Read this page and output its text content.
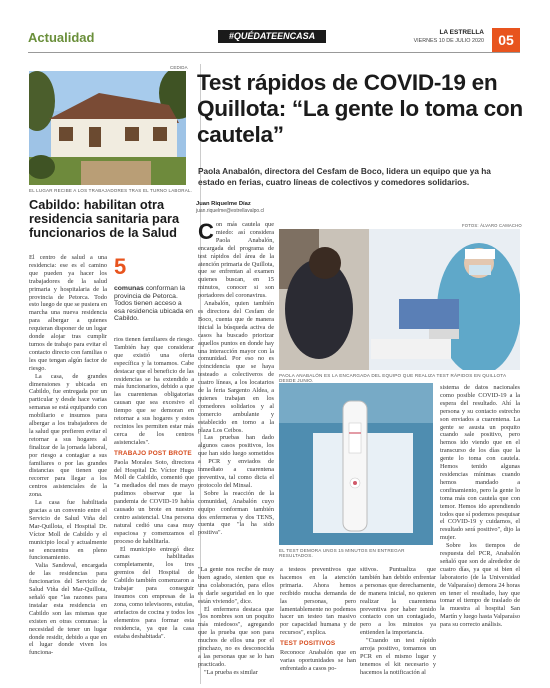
Actualidad	#QUÉDATEENCASA	LA ESTRELLA
VIERNES 10 DE JULIO 2020	05
CEDIDA
EL LUGAR RECIBE A LOS TRABAJADORES TRAS EL TURNO LABORAL.
Cabildo: habilitan otra residencia sanitaria para funcionarios de la Salud

El centro de salud a una residencia: ese es el camino que pueden ya hacer los trabajadores de la salud primaria y hospitalaria de la provincia de Petorca. Todo esto luego de que se pusiera en marcha una nueva residencia para albergar a quienes requieran disponer de un lugar donde alojar tras cumplir turnos de trabajo para evitar el contacto directo con familias o les que tengan algún factor de riesgo.

La casa, de grandes dimensiones y ubicada en Cabildo, fue entregada por un particular y desde hace varias semanas se está equipando con mobiliario e insumos para albergar a los trabajadores de la salud que prefieren evitar el retornar a sus hogares al finalizar de la jornada laboral, por riesgo a contagiar a sus familiares o por las grandes distancias que tienen que recorrer para llegar a los centros asistenciales de la zona.

La casa fue habilitada gracias a un convenio entre el Servicio de Salud Viña del Mar-Quillota, el Hospital Dr. Víctor Moll de Cabildo y el municipio local y actualmente se encuentra en pleno funcionamiento.

Valia Sandoval, encargada de las residencias para funcionarios del Servicio de Salud Viña del Mar-Quillota, señaló que "las razones para instalar esta residencia en Cabildo son las mismas que existen en otras comunas: la necesidad de tener un lugar donde residir, debido a que en el lugar donde viven los funciona-

5
comunas conforman la provincia de Petorca. Todos tienen acceso a esa residencia ubicada en Cabildo.

rios tienen familiares de riesgo. También hay que considerar que existió una oferta específica y la tomamos. Cabe destacar que el beneficio de las residencias se ha extendido a más funcionarios, debido a que las cuarentenas obligatorias causan que sea excesivo el tiempo que se demoran en retornar a sus hogares y estos recintos les permiten estar más cerca de los centros asistenciales".

TRABAJO POST BROTE

Paola Morales Soto, directora del Hospital Dr. Víctor Hugo Moll de Cabildo, comentó que "a mediados del mes de mayo pudimos observar que la pandemia de COVID-19 había causado un brote en nuestro centro asistencial. Una persona natural cedió una casa muy espaciosa y comenzamos el proceso de habilitarla.

El municipio entregó diez camas habilitadas completamente, los tres gremios del Hospital de Cabildo también comenzaron a trabajar para conseguir insumos con empresas de la zona, como televisores, estufas, artefactos de cocina y todos los elementos para formar esta residencia, ya que la casa estaba deshabitada".

Test rápidos de COVID-19 en Quillota: “La gente lo toma con cautela”
Paola Anabalón, directora del Cesfam de Boco, lidera un equipo que ya ha estado en ferias, cuatro líneas de colectivos y comedores solidarios.
Juan Riquelme Díaz
juan.riquelme@estrellavalpo.cl

Con más cautela que miedo: así considera Paola Anabalón, encargada del programa de test rápidos del área de la atención primaria de Quillota, que se enfrentan al examen quienes buscan, en 15 minutos, conocer si son portadores del coronavirus.

Anabalón, quien también es directora del Cesfam de Boco, cuenta que de manera inicial la búsqueda activa de casos ha buscado priorizar aquellos puntos en donde hay una interacción mayor con la comunidad. Por eso no es coincidencia que se haya testeado a colectiveros de cuatro líneas, a los locatarios de la feria Sargento Aldea, a quienes trabajan en los comedores solidarios y al comercio ambulante y establecido en torno a la plaza Los Ceibos.

Las pruebas han dado algunos casos positivos, los que han sido luego sometidos a PCR y enviados de inmediato a cuarentena preventiva, tal como dicta el protocolo del Minsal.

Sobre la reacción de la comunidad, Anabalón cuyo equipo conforman también dos enfermeras y dos TENS, cuenta que "la ha sido positiva".

FOTOS: ÁLVARO CAMACHO
PAOLA ANABALÓN ES LA ENCARGADA DEL EQUIPO QUE REALIZA TEST RÁPIDOS EN QUILLOTA DESDE JUNIO.
EL TEST DEMORA UNOS 15 MINUTOS EN ENTREGAR RESULTADOS.

"La gente nos recibe de muy buen agrado, sienten que es una colaboración, para ellos es darle seguridad en lo que están viviendo", dice.

El enfermera destaca que "los nombres son un poquito más miedosos", agregando que la prueba que son para muchos de ellos una por el pinchazo, no es desconocida a las personas que se lo han practicado.

"La prueba es similar

a testeos preventivos que hacemos en la atención primaria. Ahora hemos recibido mucha demanda de las personas, pero lamentablemente no podemos hacer un testeo tan masivo por capacidad humana y de recursos", explica.

TEST POSITIVOS

Reconoce Anabalón que en varias oportunidades se han enfrentado a casos po-

sitivos. Puntualiza que también han debido enfrentar a personas que derechamente, de manera inicial, no quieren realizar la cuarentena preventiva por haber tenido contacto con un contagiado, pero a los minutos ya entienden la importancia.

"Cuando un test rápido arroja positivo, tomamos un PCR en el mismo lugar y tenemos el kit necesario y hacemos la notificación al

sistema de datos nacionales como posible COVID-19 a la espera del resultado. Ahí la persona y su contacto estrecho son enviados a cuarentena. La gente se asusta un poquito cuando sale positivo, pero hemos ido viendo que en el transcurso de los días que la gente lo toma con cautela. Hemos tenido algunas residencias mínimas cuando hemos mandado a confinamiento, pero la gente lo toma más con cautela que con temor. Hemos ido aprendiendo todos que sí podemos pesquisar el COVID-19 y cuidarnos, el resultado será positivo", dijo la mujer.

Sobre los tiempos de respuesta del PCR, Anabalón señaló que son de alrededor de cuatro días, ya que si bien el laboratorio (de la Universidad de Valparaíso) demora 24 horas en tener el resultado, hay que tomar el tiempo de traslado de la muestra al hospital San Martín y luego hasta Valparaíso para su correcto análisis.
